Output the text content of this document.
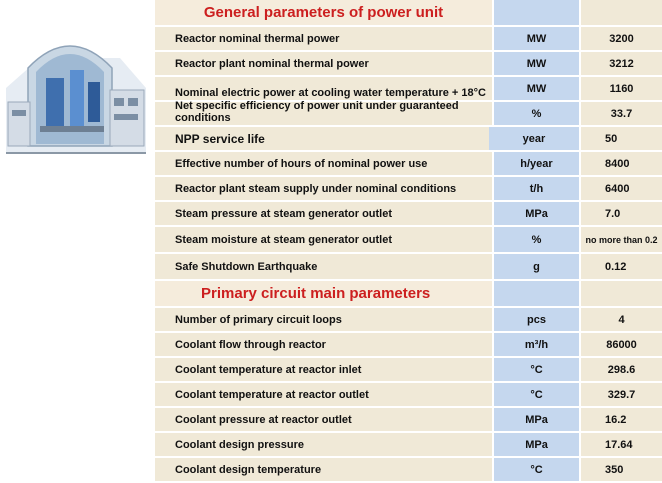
General parameters of power unit
Reactor nominal thermal power	MW	3200
Reactor plant nominal thermal power	MW	3212
Nominal electric power at cooling water temperature + 18°C	MW	1160
Net specific efficiency of power unit under guaranteed conditions	%	33.7
NPP service life	year	50
Effective number of hours of nominal power use	h/year	8400
Reactor plant steam supply under nominal conditions	t/h	6400
Steam pressure at steam generator outlet	MPa	7.0
Steam moisture at steam generator outlet	%	no more than 0.2
Safe Shutdown Earthquake	g	0.12
Primary circuit main parameters
Number of primary circuit loops	pcs	4
Coolant flow through reactor	m³/h	86000
Coolant temperature at reactor inlet	°C	298.6
Coolant temperature at reactor outlet	°C	329.7
Coolant pressure at reactor outlet	MPa	16.2
Coolant design pressure	MPa	17.64
Coolant design temperature	°C	350
